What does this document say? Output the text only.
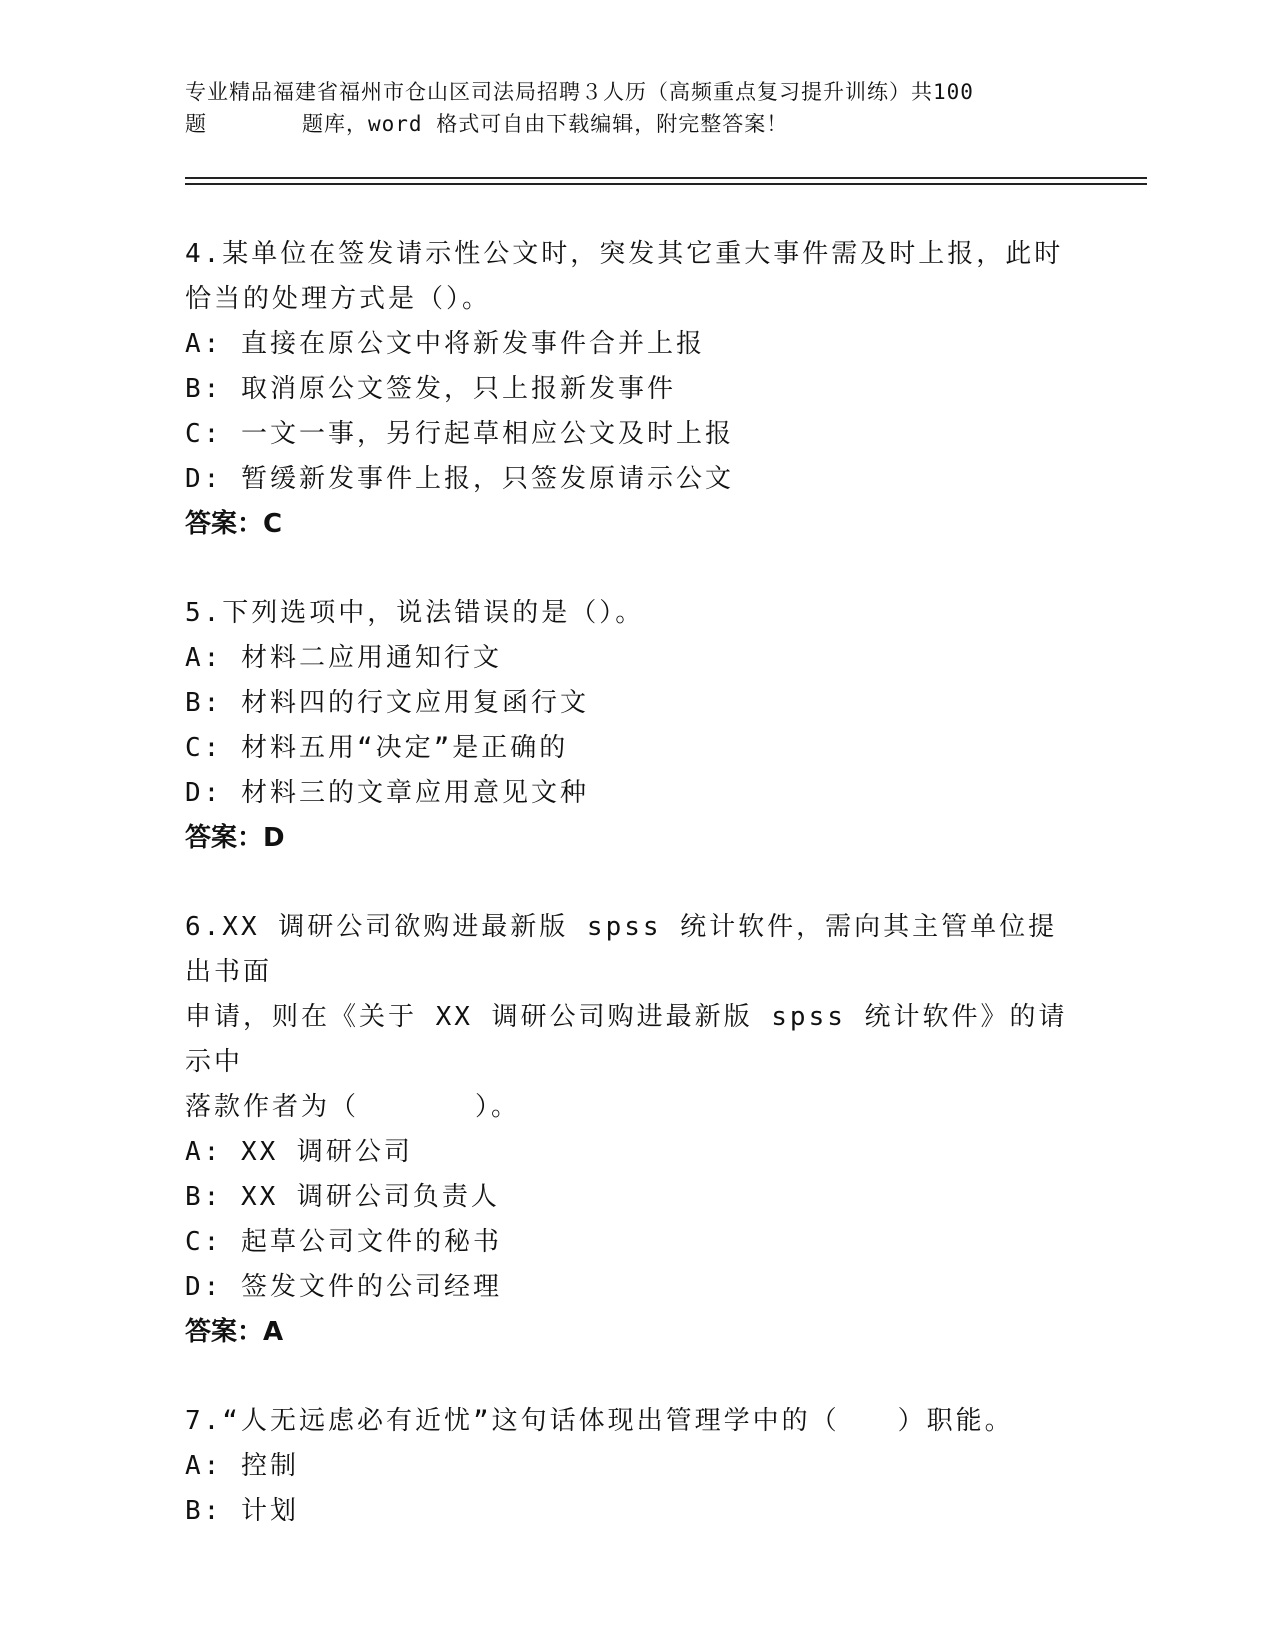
专业精品福建省福州市仓山区司法局招聘３人历（高频重点复习提升训练）共100
题	题库，word 格式可自由下载编辑，附完整答案！

4.某单位在签发请示性公文时，突发其它重大事件需及时上报，此时

恰当的处理方式是（）。

A: 直接在原公文中将新发事件合并上报

B: 取消原公文签发，只上报新发事件

C: 一文一事，另行起草相应公文及时上报

D: 暂缓新发事件上报，只签发原请示公文

答案：C

5.下列选项中，说法错误的是（）。

A: 材料二应用通知行文

B: 材料四的行文应用复函行文

C: 材料五用“决定”是正确的

D: 材料三的文章应用意见文种

答案：D

6.XX 调研公司欲购进最新版 spss 统计软件，需向其主管单位提出书面

申请，则在《关于 XX 调研公司购进最新版 spss 统计软件》的请示中

落款作者为（　　　　）。

A: XX 调研公司

B: XX 调研公司负责人

C: 起草公司文件的秘书

D: 签发文件的公司经理

答案：A

7.“人无远虑必有近忧”这句话体现出管理学中的（　　）职能。

A: 控制

B: 计划
